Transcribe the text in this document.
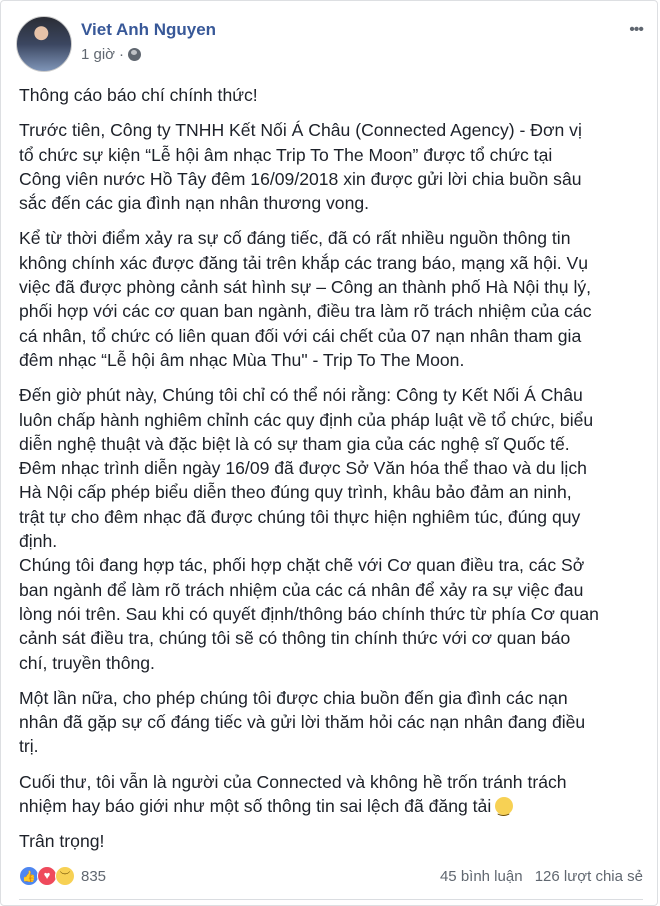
Viet Anh Nguyen
1 giờ ·
•••
Thông cáo báo chí chính thức!
Trước tiên, Công ty TNHH Kết Nối Á Châu (Connected Agency) - Đơn vị
tổ chức sự kiện “Lễ hội âm nhạc Trip To The Moon” được tổ chức tại
Công viên nước Hồ Tây đêm 16/09/2018 xin được gửi lời chia buồn sâu
sắc đến các gia đình nạn nhân thương vong.
Kể từ thời điểm xảy ra sự cố đáng tiếc, đã có rất nhiều nguồn thông tin
không chính xác được đăng tải trên khắp các trang báo, mạng xã hội. Vụ
việc đã được phòng cảnh sát hình sự – Công an thành phố Hà Nội thụ lý,
phối hợp với các cơ quan ban ngành, điều tra làm rõ trách nhiệm của các
cá nhân, tổ chức có liên quan đối với cái chết của 07 nạn nhân tham gia
đêm nhạc “Lễ hội âm nhạc Mùa Thu" - Trip To The Moon.
Đến giờ phút này, Chúng tôi chỉ có thể nói rằng: Công ty Kết Nối Á Châu
luôn chấp hành nghiêm chỉnh các quy định của pháp luật về tổ chức, biểu
diễn nghệ thuật và đặc biệt là có sự tham gia của các nghệ sĩ Quốc tế.
Đêm nhạc trình diễn ngày 16/09 đã được Sở Văn hóa thể thao và du lịch
Hà Nội cấp phép biểu diễn theo đúng quy trình, khâu bảo đảm an ninh,
trật tự cho đêm nhạc đã được chúng tôi thực hiện nghiêm túc, đúng quy
định.
Chúng tôi đang hợp tác, phối hợp chặt chẽ với Cơ quan điều tra, các Sở
ban ngành để làm rõ trách nhiệm của các cá nhân để xảy ra sự việc đau
lòng nói trên. Sau khi có quyết định/thông báo chính thức từ phía Cơ quan
cảnh sát điều tra, chúng tôi sẽ có thông tin chính thức với cơ quan báo
chí, truyền thông.
Một lần nữa, cho phép chúng tôi được chia buồn đến gia đình các nạn
nhân đã gặp sự cố đáng tiếc và gửi lời thăm hỏi các nạn nhân đang điều
trị.
Cuối thư, tôi vẫn là người của Connected và không hề trốn tránh trách
nhiệm hay báo giới như một số thông tin sai lệch đã đăng tải‿
Trân trọng!
👍 ♥ ︶ 835	45 bình luận 126 lượt chia sẻ
